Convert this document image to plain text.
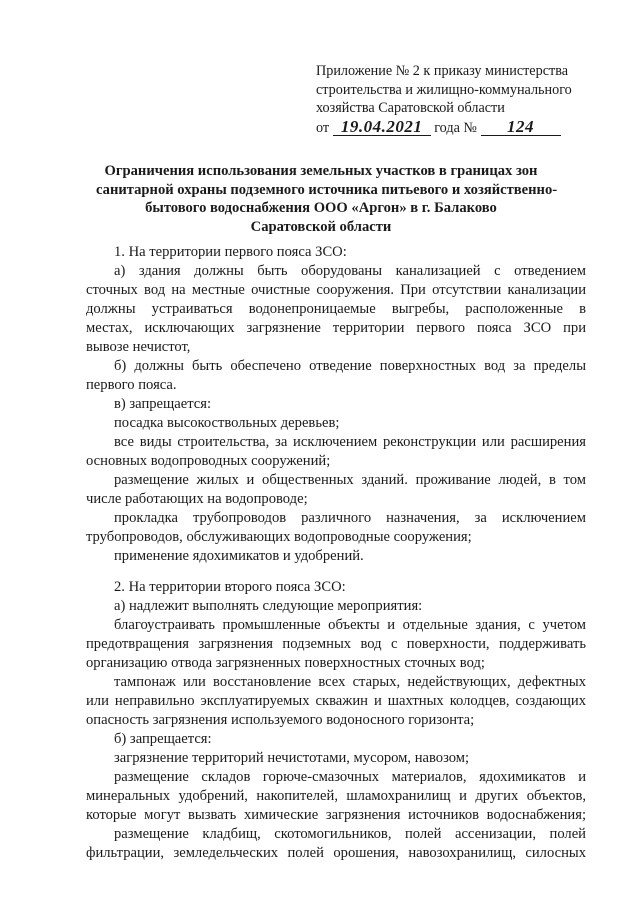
Приложение № 2 к приказу министерства
строительства и жилищно-коммунального
хозяйства Саратовской области
от 19.04.2021 года № 124
Ограничения использования земельных участков в границах зон
санитарной охраны подземного источника питьевого и хозяйственно-
бытового водоснабжения ООО «Аргон» в г. Балаково
Саратовской области
1. На территории первого пояса ЗСО:
а) здания должны быть оборудованы канализацией с отведением
сточных вод на местные очистные сооружения. При отсутствии канализации
должны устраиваться водонепроницаемые выгребы, расположенные в
местах, исключающих загрязнение территории первого пояса ЗСО при
вывозе нечистот,
б) должны быть обеспечено отведение поверхностных вод за пределы
первого пояса.
в) запрещается:
посадка высокоствольных деревьев;
все виды строительства, за исключением реконструкции или расширения
основных водопроводных сооружений;
размещение жилых и общественных зданий. проживание людей, в том
числе работающих на водопроводе;
прокладка трубопроводов различного назначения, за исключением
трубопроводов, обслуживающих водопроводные сооружения;
применение ядохимикатов и удобрений.
2. На территории второго пояса ЗСО:
а) надлежит выполнять следующие мероприятия:
благоустраивать промышленные объекты и отдельные здания, с учетом
предотвращения загрязнения подземных вод с поверхности, поддерживать
организацию отвода загрязненных поверхностных сточных вод;
тампонаж или восстановление всех старых, недействующих, дефектных
или неправильно эксплуатируемых скважин и шахтных колодцев, создающих
опасность загрязнения используемого водоносного горизонта;
б) запрещается:
загрязнение территорий нечистотами, мусором, навозом;
размещение складов горюче-смазочных материалов, ядохимикатов и
минеральных удобрений, накопителей, шламохранилищ и других объектов,
которые могут вызвать химические загрязнения источников водоснабжения;
размещение кладбищ, скотомогильников, полей ассенизации, полей
фильтрации, земледельческих полей орошения, навозохранилищ, силосных
